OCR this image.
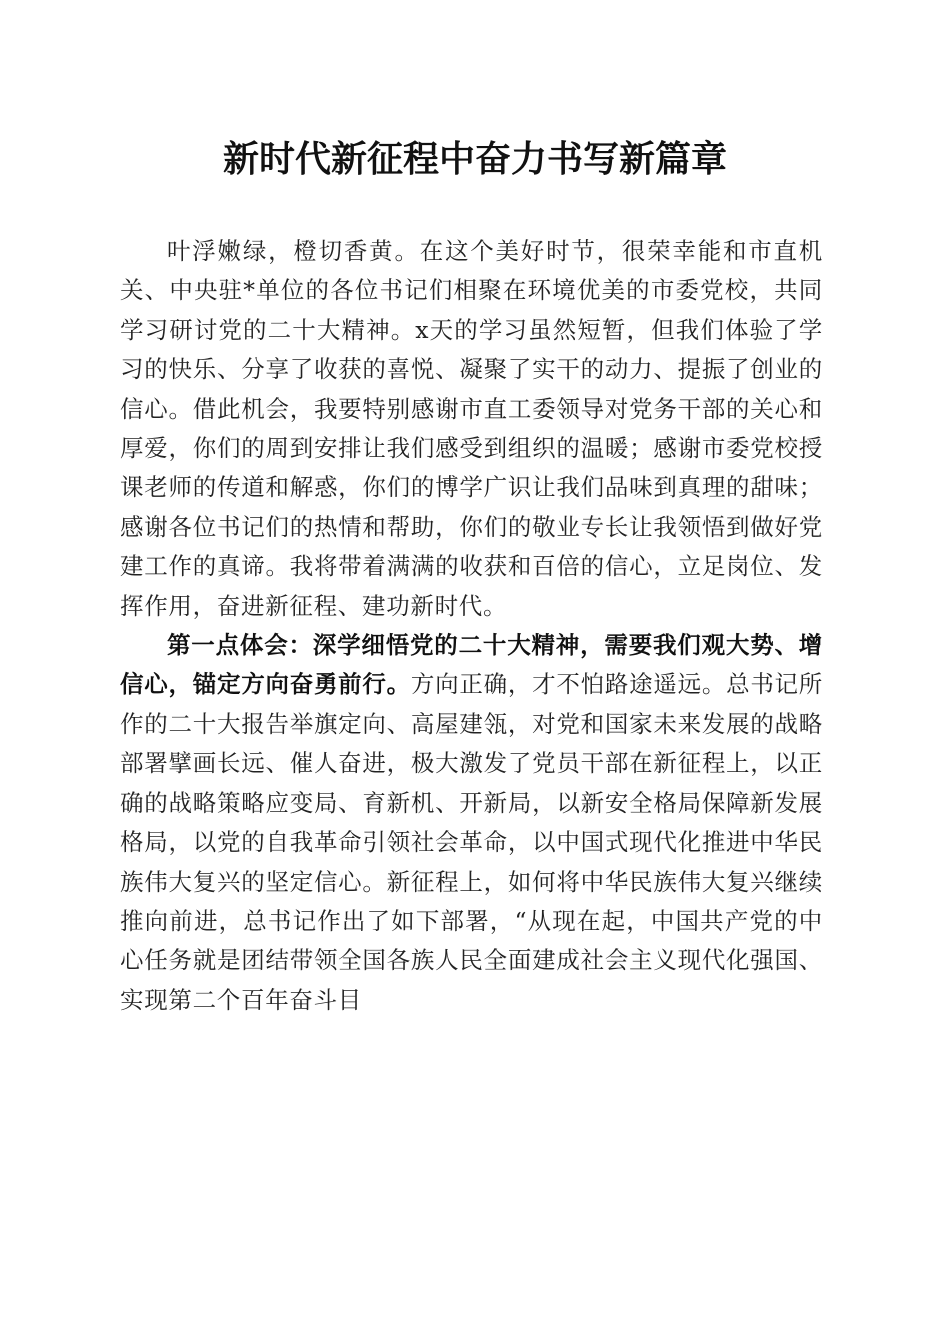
新时代新征程中奋力书写新篇章

叶浮嫩绿，橙切香黄。在这个美好时节，很荣幸能和市直机关、中央驻*单位的各位书记们相聚在环境优美的市委党校，共同学习研讨党的二十大精神。x天的学习虽然短暂，但我们体验了学习的快乐、分享了收获的喜悦、凝聚了实干的动力、提振了创业的信心。借此机会，我要特别感谢市直工委领导对党务干部的关心和厚爱，你们的周到安排让我们感受到组织的温暖；感谢市委党校授课老师的传道和解惑，你们的博学广识让我们品味到真理的甜味；感谢各位书记们的热情和帮助，你们的敬业专长让我领悟到做好党建工作的真谛。我将带着满满的收获和百倍的信心，立足岗位、发挥作用，奋进新征程、建功新时代。

第一点体会：深学细悟党的二十大精神，需要我们观大势、增信心，锚定方向奋勇前行。方向正确，才不怕路途遥远。总书记所作的二十大报告举旗定向、高屋建瓴，对党和国家未来发展的战略部署擘画长远、催人奋进，极大激发了党员干部在新征程上，以正确的战略策略应变局、育新机、开新局，以新安全格局保障新发展格局，以党的自我革命引领社会革命，以中国式现代化推进中华民族伟大复兴的坚定信心。新征程上，如何将中华民族伟大复兴继续推向前进，总书记作出了如下部署，“从现在起，中国共产党的中心任务就是团结带领全国各族人民全面建成社会主义现代化强国、实现第二个百年奋斗目
